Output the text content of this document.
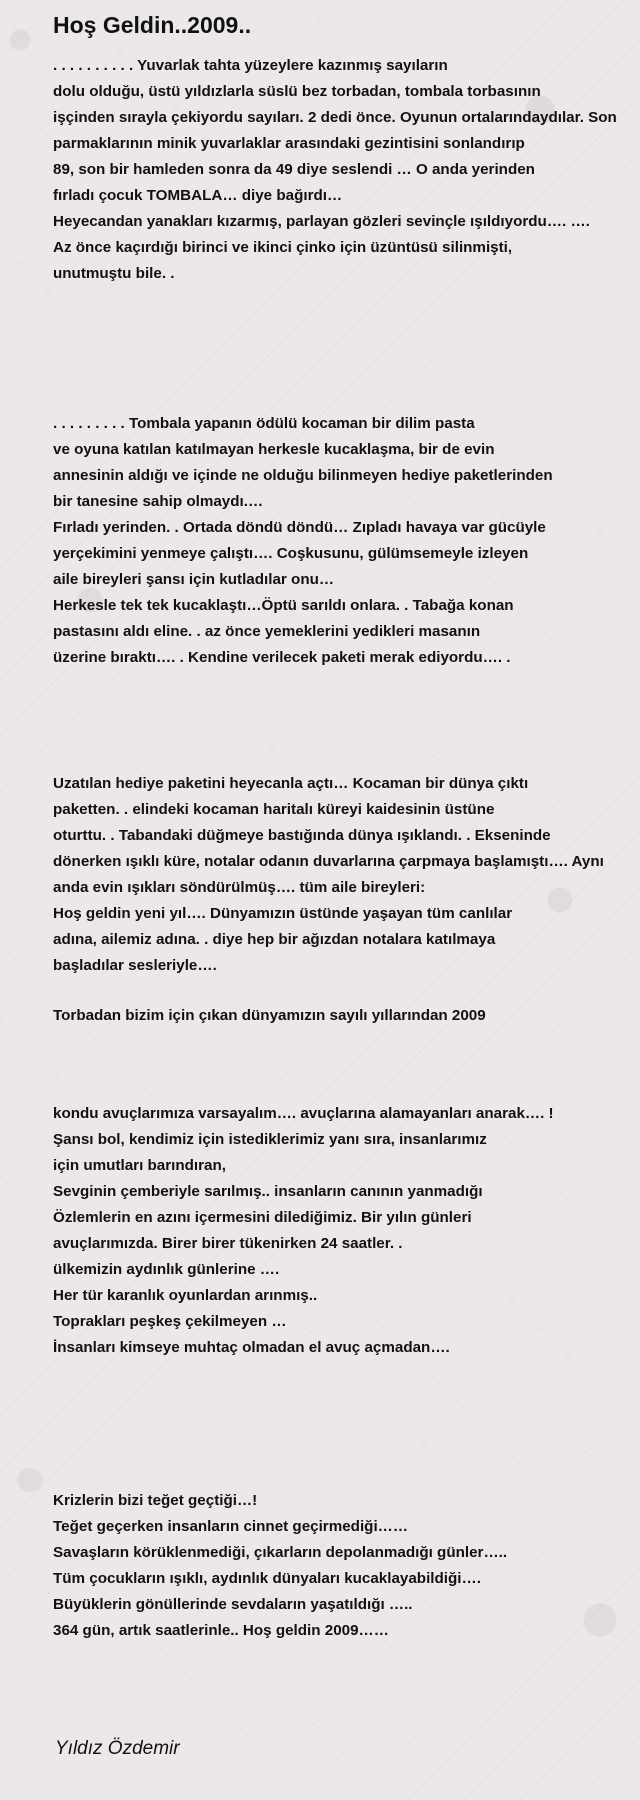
Hoş Geldin..2009..
. . . . . . . . . . Yuvarlak tahta yüzeylere kazınmış sayıların
dolu olduğu, üstü yıldızlarla süslü bez torbadan, tombala torbasının
işçinden sırayla çekiyordu sayıları. 2 dedi önce. Oyunun ortalarındaydılar. Son
parmaklarının minik yuvarlaklar arasındaki gezintisini sonlandırıp
89, son bir hamleden sonra da 49 diye seslendi … O anda yerinden
fırladı çocuk TOMBALA… diye bağırdı…
Heyecandan yanakları kızarmış, parlayan gözleri sevinçle ışıldıyordu…. ….
Az önce kaçırdığı birinci ve ikinci çinko için üzüntüsü silinmişti,
unutmuştu bile. .
. . . . . . . . . Tombala yapanın ödülü kocaman bir dilim pasta
ve oyuna katılan katılmayan herkesle kucaklaşma, bir de evin
annesinin aldığı ve içinde ne olduğu bilinmeyen hediye paketlerinden
bir tanesine sahip olmaydı.…
Fırladı yerinden. . Ortada döndü döndü… Zıpladı havaya var gücüyle
yerçekimini yenmeye çalıştı…. Coşkusunu, gülümsemeyle izleyen
aile bireyleri şansı için kutladılar onu…
Herkesle tek tek kucaklaştı…Öptü sarıldı onlara. . Tabağa konan
pastasını aldı eline. . az önce yemeklerini yedikleri masanın
üzerine bıraktı…. . Kendine verilecek paketi merak ediyordu…. .
Uzatılan hediye paketini heyecanla açtı… Kocaman bir dünya çıktı
paketten. . elindeki kocaman haritalı küreyi kaidesinin üstüne
oturttu. . Tabandaki düğmeye bastığında dünya ışıklandı. . Ekseninde
dönerken ışıklı küre, notalar odanın duvarlarına çarpmaya başlamıştı…. Aynı
anda evin ışıkları söndürülmüş…. tüm aile bireyleri:
Hoş geldin yeni yıl…. Dünyamızın üstünde yaşayan tüm canlılar
adına, ailemiz adına. . diye hep bir ağızdan notalara katılmaya
başladılar sesleriyle….
Torbadan bizim için çıkan dünyamızın sayılı yıllarından 2009
kondu avuçlarımıza varsayalım…. avuçlarına alamayanları anarak…. !
Şansı bol, kendimiz için istediklerimiz yanı sıra, insanlarımız
için umutları barındıran,
Sevginin çemberiyle sarılmış.. insanların canının yanmadığı
Özlemlerin en azını içermesini dilediğimiz. Bir yılın günleri
avuçlarımızda. Birer birer tükenirken 24 saatler. .
ülkemizin aydınlık günlerine ….
Her tür karanlık oyunlardan arınmış..
Toprakları peşkeş çekilmeyen …
İnsanları kimseye muhtaç olmadan el avuç açmadan….
Krizlerin bizi teğet geçtiği…!
Teğet geçerken insanların cinnet geçirmediği……
Savaşların körüklenmediği, çıkarların depolanmadığı günler…..
Tüm çocukların ışıklı, aydınlık dünyaları kucaklayabildiği….
Büyüklerin gönüllerinde sevdaların yaşatıldığı …..
364 gün, artık saatlerinle.. Hoş geldin 2009……
Yıldız Özdemir
